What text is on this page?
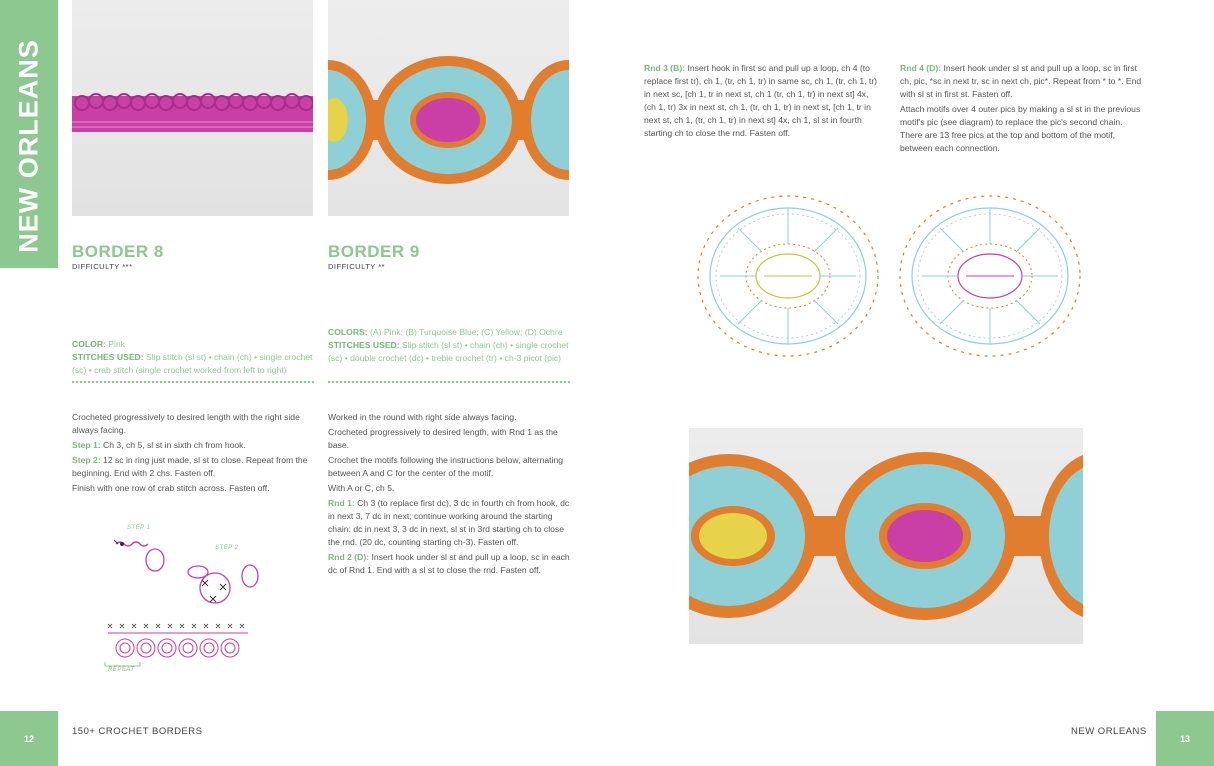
NEW ORLEANS BORDER 8
DIFFICULTY ***
COLOR: Pink
STITCHES USED: Slip stitch (sl st) • chain (ch) • single crochet (sc) • crab stitch (single crochet worked from left to right)

Crocheted progressively to desired length with the right side always facing.

Step 1: Ch 3, ch 5, sl st in sixth ch from hook.

Step 2: 12 sc in ring just made, sl st to close. Repeat from the beginning. End with 2 chs. Fasten off.

Finish with one row of crab stitch across. Fasten off.

STEP 1
STEP 2
REPEAT
BORDER 9
DIFFICULTY **
COLORS: (A) Pink; (B) Turquoise Blue; (C) Yellow; (D) Ochre
STITCHES USED: Slip stitch (sl st) • chain (ch) • single crochet (sc) • double crochet (dc) • treble crochet (tr) • ch-3 picot (pic)

Worked in the round with right side always facing.

Crocheted progressively to desired length, with Rnd 1 as the base.

Crochet the motifs following the instructions below, alternating between A and C for the center of the motif.

With A or C, ch 5.

Rnd 1: Ch 3 (to replace first dc), 3 dc in fourth ch from hook, dc in next 3, 7 dc in next; continue working around the starting chain: dc in next 3, 3 dc in next, sl st in 3rd starting ch to close the rnd. (20 dc, counting starting ch-3). Fasten off.

Rnd 2 (D): Insert hook under sl st and pull up a loop, sc in each dc of Rnd 1. End with a sl st to close the rnd. Fasten off.

Rnd 3 (B): Insert hook in first sc and pull up a loop, ch 4 (to replace first tr), ch 1, (tr, ch 1, tr) in same sc, ch 1, (tr, ch 1, tr) in next sc, [ch 1, tr in next st, ch 1 (tr, ch 1, tr) in next st] 4x, (ch 1, tr) 3x in next st, ch 1, (tr, ch 1, tr) in next st, [ch 1, tr in next st, ch 1, (tr, ch 1, tr) in next st] 4x, ch 1, sl st in fourth starting ch to close the rnd. Fasten off.

Rnd 4 (D): Insert hook under sl st and pull up a loop, sc in first ch, pic, *sc in next tr, sc in next ch, pic*. Repeat from * to *. End with sl st in first st. Fasten off.

Attach motifs over 4 outer pics by making a sl st in the previous motif's pic (see diagram) to replace the pic's second chain. There are 13 free pics at the top and bottom of the motif, between each connection.

12
150+ CROCHET BORDERS	NEW ORLEANS
13
